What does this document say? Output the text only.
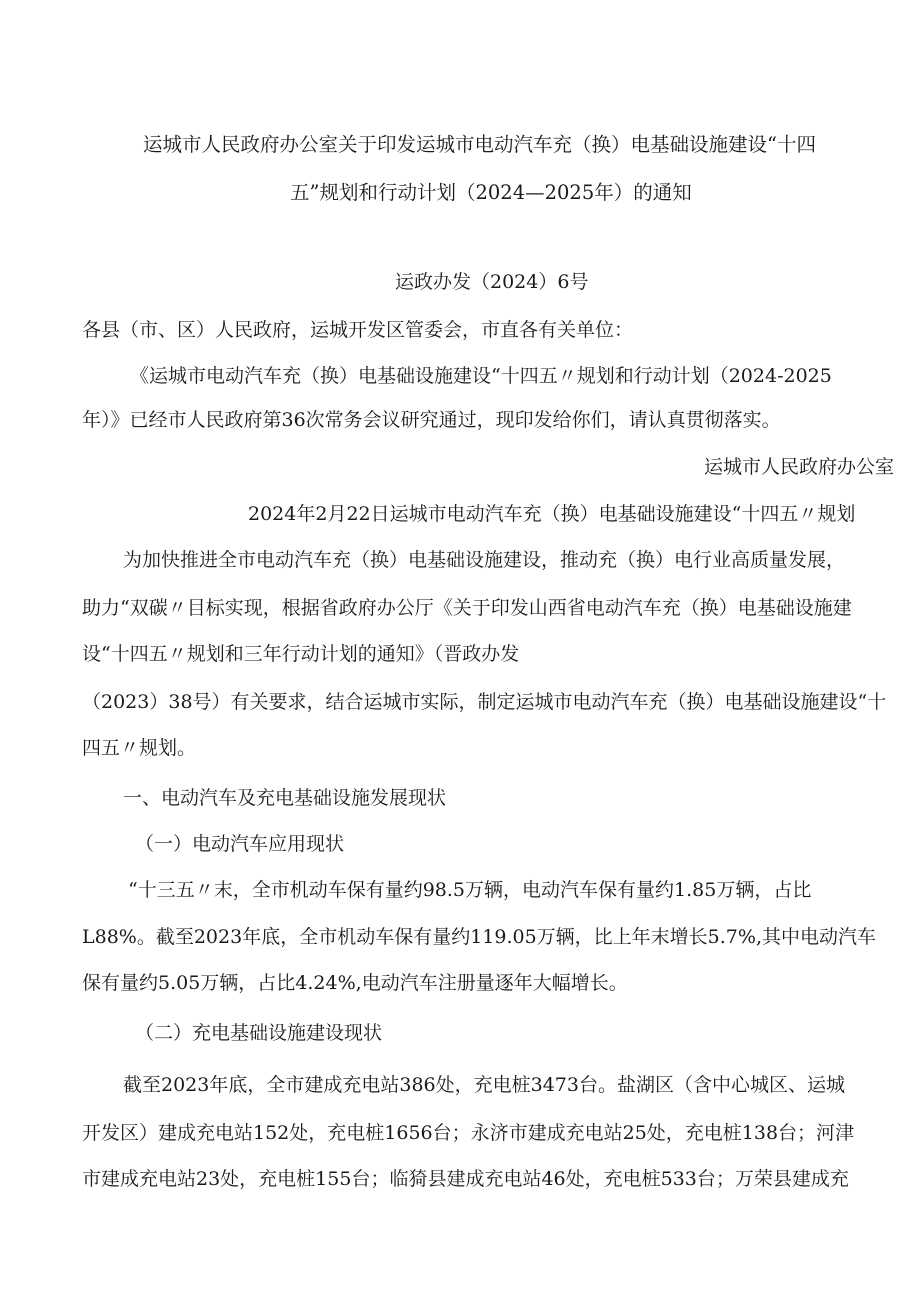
运城市人民政府办公室关于印发运城市电动汽车充（换）电基础设施建设“十四
五”规划和行动计划（2024—2025年）的通知
运政办发（2024）6号
各县（市、区）人民政府，运城开发区管委会，市直各有关单位：
《运城市电动汽车充（换）电基础设施建设“十四五〃规划和行动计划（2024-2025
年）》已经市人民政府第36次常务会议研究通过，现印发给你们，请认真贯彻落实。
运城市人民政府办公室
2024年2月22日运城市电动汽车充（换）电基础设施建设“十四五〃规划
为加快推进全市电动汽车充（换）电基础设施建设，推动充（换）电行业高质量发展，
助力“双碳〃目标实现，根据省政府办公厅《关于印发山西省电动汽车充（换）电基础设施建
设“十四五〃规划和三年行动计划的通知》（晋政办发
（2023）38号）有关要求，结合运城市实际，制定运城市电动汽车充（换）电基础设施建设“十
四五〃规划。
一、电动汽车及充电基础设施发展现状
（一）电动汽车应用现状
“十三五〃末，全市机动车保有量约98.5万辆，电动汽车保有量约1.85万辆，占比
L88%。截至2023年底，全市机动车保有量约119.05万辆，比上年末增长5.7%,其中电动汽车
保有量约5.05万辆，占比4.24%,电动汽车注册量逐年大幅增长。
（二）充电基础设施建设现状
截至2023年底，全市建成充电站386处，充电桩3473台。盐湖区（含中心城区、运城
开发区）建成充电站152处，充电桩1656台；永济市建成充电站25处，充电桩138台；河津
市建成充电站23处，充电桩155台；临猗县建成充电站46处，充电桩533台；万荣县建成充
